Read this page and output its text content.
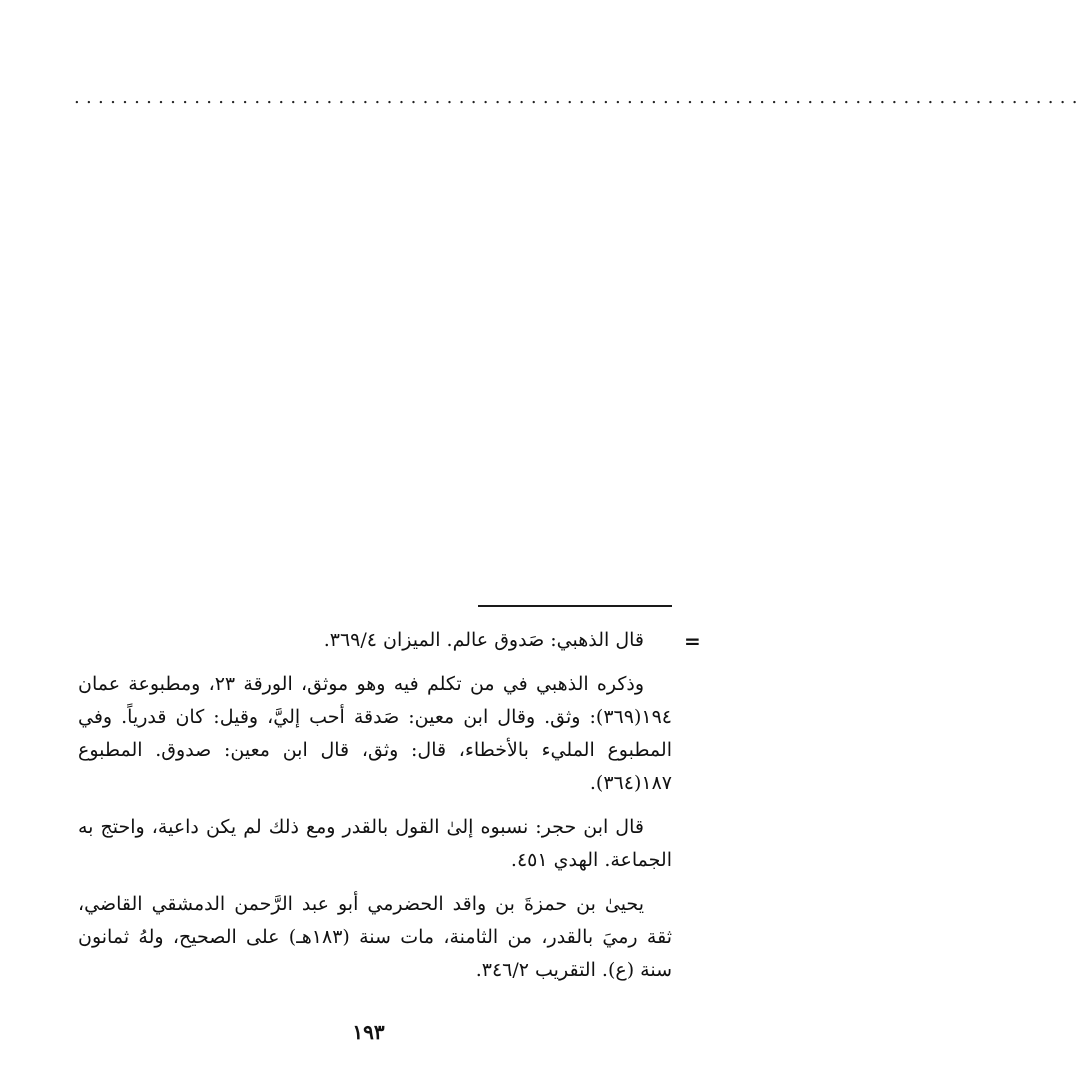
....................................................................................
=

قال الذهبي: صَدوق عالم. الميزان ٣٦٩/٤.

وذكره الذهبي في من تكلم فيه وهو موثق، الورقة ٢٣، ومطبوعة عمان ١٩٤(٣٦٩): وثق. وقال ابن معين: صَدقة أحب إليَّ، وقيل: كان قدرياً. وفي المطبوع المليء بالأخطاء، قال: وثق، قال ابن معين: صدوق. المطبوع ١٨٧(٣٦٤).

قال ابن حجر: نسبوه إلىٰ القول بالقدر ومع ذلك لم يكن داعية، واحتج به الجماعة. الهدي ٤٥١.

يحيىٰ بن حمزةَ بن واقد الحضرمي أبو عبد الرَّحمن الدمشقي القاضي، ثقة رميَ بالقدر، من الثامنة، مات سنة (١٨٣هـ) على الصحيح، ولهُ ثمانون سنة (ع). التقريب ٣٤٦/٢.

١٩٣
